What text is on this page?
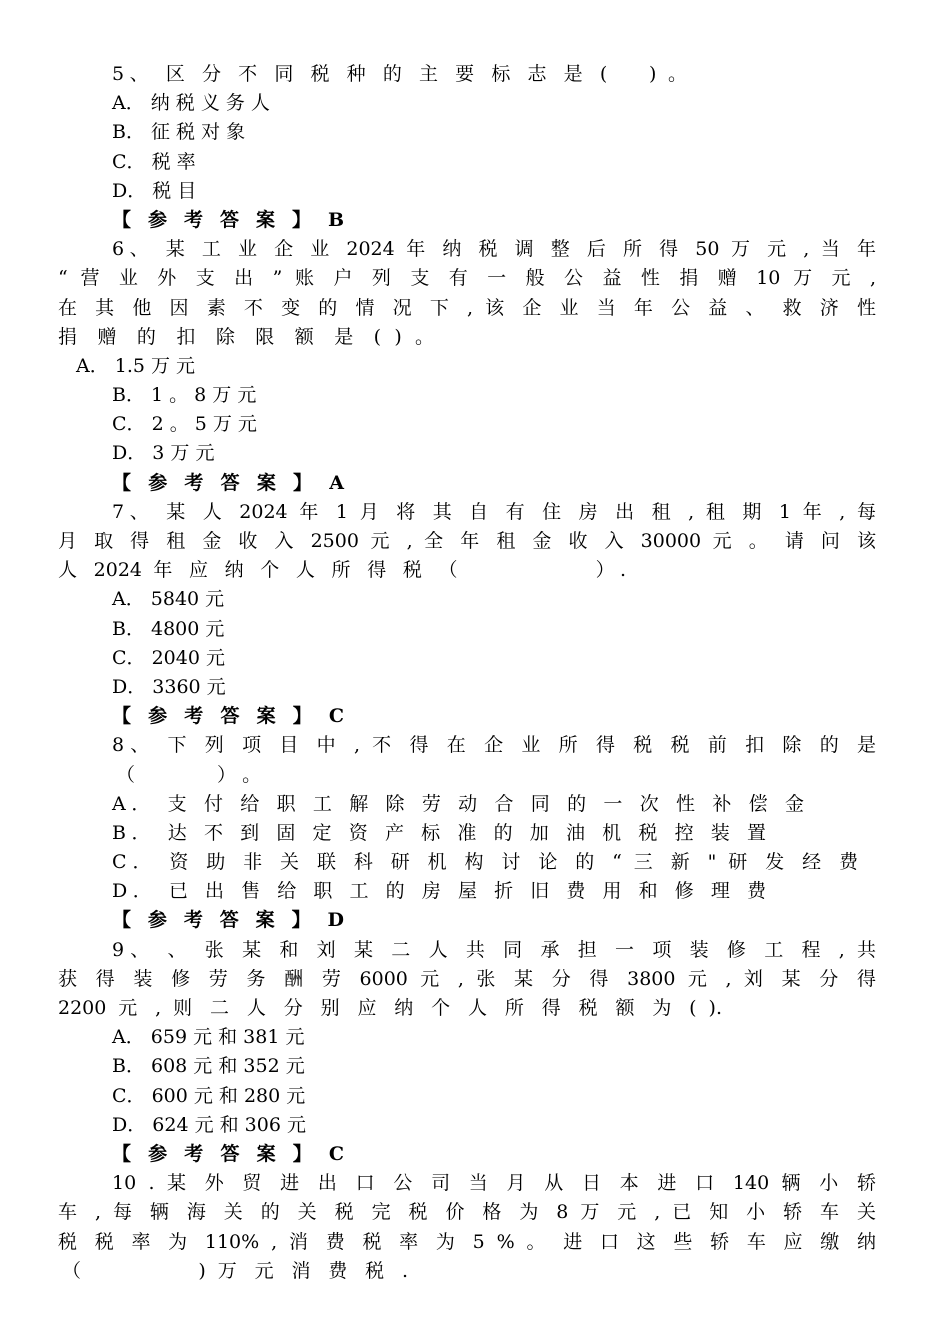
5、 区 分 不 同 税 种 的 主 要 标 志 是 (　 ) 。
A． 纳 税 义 务 人
B． 征 税 对 象
C． 税 率
D． 税 目
【 参 考 答 案 】 B
6、 某 工 业 企 业 2024 年 纳 税 调 整 后 所 得 50 万 元 , 当 年
“ 营 业 外 支 出 ” 账 户 列 支 有 一 般 公 益 性 捐 赠 10 万 元 ,
在 其 他 因 素 不 变 的 情 况 下 , 该 企 业 当 年 公 益 、 救 济 性
捐 赠 的 扣 除 限 额 是 ( ) 。
A． 1.5 万 元
B． 1 。 8 万 元
C． 2 。 5 万 元
D． 3 万 元
【 参 考 答 案 】 A
7、 某 人 2024 年 1 月 将 其 自 有 住 房 出 租 , 租 期 1 年 , 每
月 取 得 租 金 收 入 2500 元 , 全 年 租 金 收 入 30000 元 。 请 问 该
人 2024 年 应 纳 个 人 所 得 税 （　　　　　 ）.
A． 5840 元
B． 4800 元
C． 2040 元
D． 3360 元
【 参 考 答 案 】 C
8、 下 列 项 目 中 , 不 得 在 企 业 所 得 税 税 前 扣 除 的 是
（　　　　 ） 。
A． 支 付 给 职 工 解 除 劳 动 合 同 的 一 次 性 补 偿 金
B． 达 不 到 固 定 资 产 标 准 的 加 油 机 税 控 装 置
C． 资 助 非 关 联 科 研 机 构 讨 论 的 “ 三 新 " 研 发 经 费
D． 已 出 售 给 职 工 的 房 屋 折 旧 费 用 和 修 理 费
【 参 考 答 案 】 D
9、 、 张 某 和 刘 某 二 人 共 同 承 担 一 项 装 修 工 程 , 共
获 得 装 修 劳 务 酬 劳 6000 元 , 张 某 分 得 3800 元 , 刘 某 分 得
2200 元 , 则 二 人 分 别 应 纳 个 人 所 得 税 额 为 ( ).
A． 659 元 和 381 元
B． 608 元 和 352 元
C． 600 元 和 280 元
D． 624 元 和 306 元
【 参 考 答 案 】 C
10 . 某 外 贸 进 出 口 公 司 当 月 从 日 本 进 口 140 辆 小 轿
车 , 每 辆 海 关 的 关 税 完 税 价 格 为 8 万 元 , 已 知 小 轿 车 关
税 税 率 为 110% , 消 费 税 率 为 5 % 。 进 口 这 些 轿 车 应 缴 纳
（　　　　 ) 万 元 消 费 税 .
